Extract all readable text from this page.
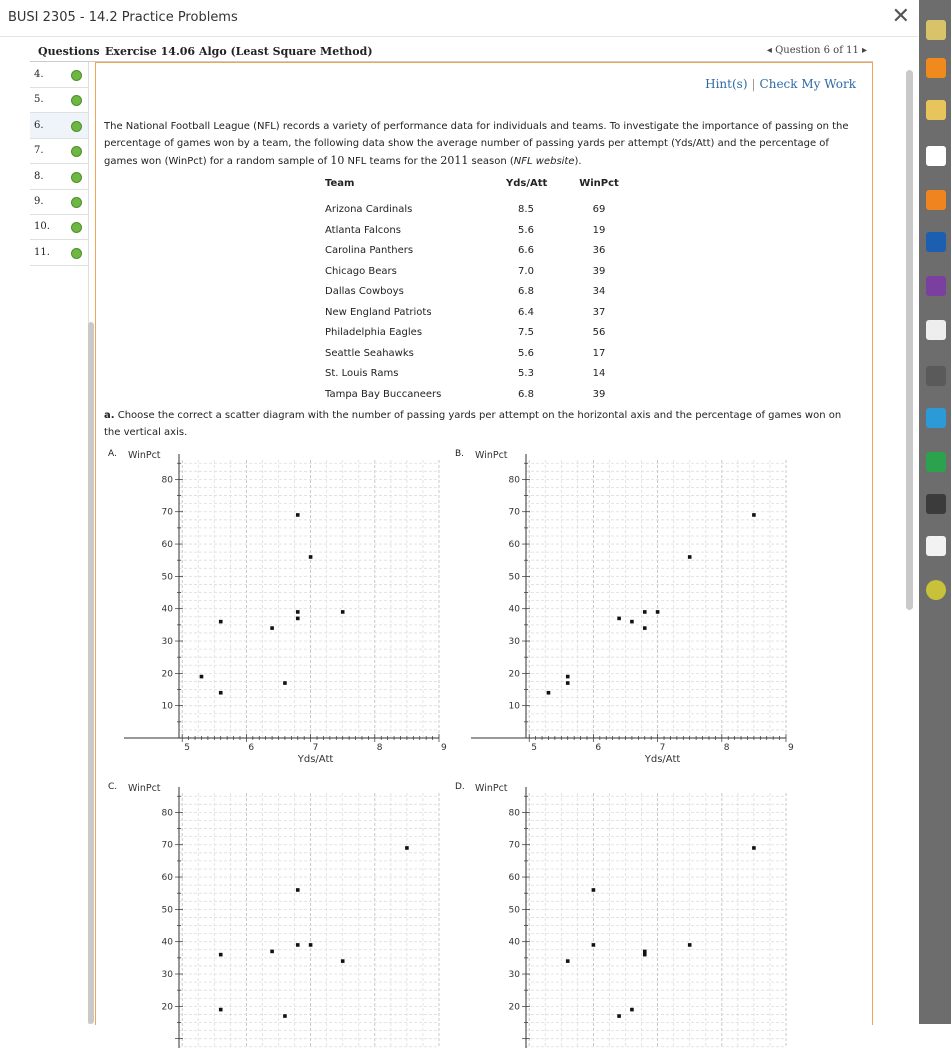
BUSI 2305 - 14.2 Practice Problems	✕
Questions Exercise 14.06 Algo (Least Square Method)	◂ Question 6 of 11 ▸
4.
5.
6.
7.
8.
9.
10.
11.
Hint(s) | Check My Work
The National Football League (NFL) records a variety of performance data for individuals and teams. To investigate the importance of passing on the percentage of games won by a team, the following data show the average number of passing yards per attempt (Yds/Att) and the percentage of games won (WinPct) for a random sample of 10 NFL teams for the 2011 season (NFL website).
Team	Yds/Att	WinPct
Arizona Cardinals	8.5	69
Atlanta Falcons	5.6	19
Carolina Panthers	6.6	36
Chicago Bears	7.0	39
Dallas Cowboys	6.8	34
New England Patriots	6.4	37
Philadelphia Eagles	7.5	56
Seattle Seahawks	5.6	17
St. Louis Rams	5.3	14
Tampa Bay Buccaneers	6.8	39
a. Choose the correct a scatter diagram with the number of passing yards per attempt on the horizontal axis and the percentage of games won on the vertical axis.
A.
10
20
30
40
50
60
70
80
5	6	7	8	9
WinPct
Yds/Att
B.
10
20
30
40
50
60
70
80
5	6	7	8	9
WinPct
Yds/Att
C.
20
30
40
50
60
70
80
WinPct	D.
20
30
40
50
60
70
80
WinPct
